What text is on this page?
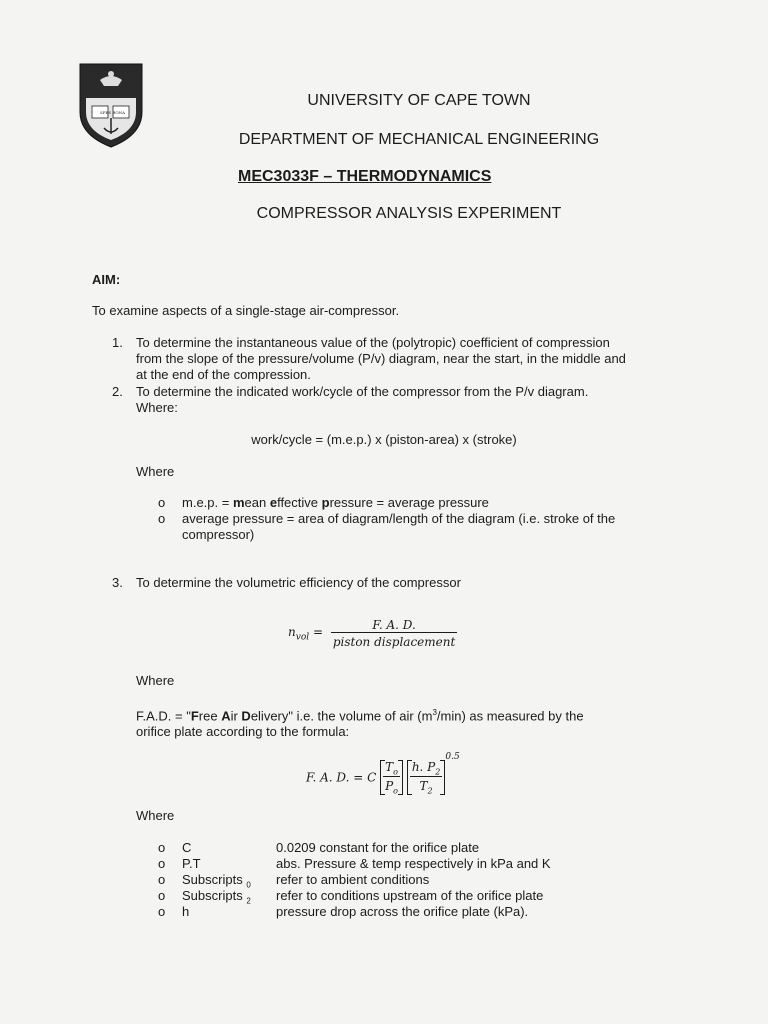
SPES BONA
UNIVERSITY OF CAPE TOWN
DEPARTMENT OF MECHANICAL ENGINEERING
MEC3033F – THERMODYNAMICS
COMPRESSOR ANALYSIS EXPERIMENT
AIM:
To examine aspects of a single-stage air-compressor.
1. To determine the instantaneous value of the (polytropic) coefficient of compression
from the slope of the pressure/volume (P/v) diagram, near the start, in the middle and
at the end of the compression.
2. To determine the indicated work/cycle of the compressor from the P/v diagram.
Where:
work/cycle = (m.e.p.) x (piston-area) x (stroke)
Where
o m.e.p. = mean effective pressure = average pressure
o average pressure = area of diagram/length of the diagram (i.e. stroke of the
compressor)
3. To determine the volumetric efficiency of the compressor
$n_{vol} = \frac{F. A. D.}{\text{piston displacement}}$
Where
F.A.D. = "Free Air Delivery" i.e. the volume of air $(m^3/\min)$ as measured by the
orifice plate according to the formula:
F. A. D. = C $\frac{T_o}{P_o}$
$\frac{h. P_2}{T_2}$
$^{0.5}$
Where
o C	0.0209 constant for the orifice plate
o P.T	abs. Pressure & temp respectively in kPa and K
o Subscripts $_0$	refer to ambient conditions
o Subscripts $_2$	refer to conditions upstream of the orifice plate
o h	pressure drop across the orifice plate (kPa).
